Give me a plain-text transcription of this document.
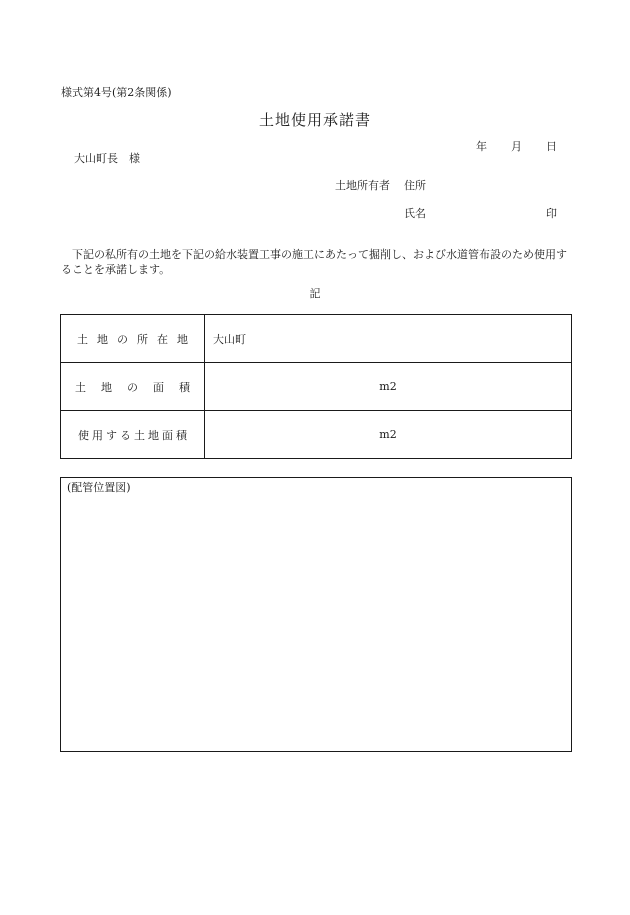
様式第4号(第2条関係)
土地使用承諾書
年 月 日
大山町長　様
土地所有者 住所
氏名	印
下記の私所有の土地を下記の給水装置工事の施工にあたって掘削し、および水道管布設のため使用することを承諾します。
記
土地の所在地	大山町
土地の面積	m2
使用する土地面積	m2
(配管位置図)
